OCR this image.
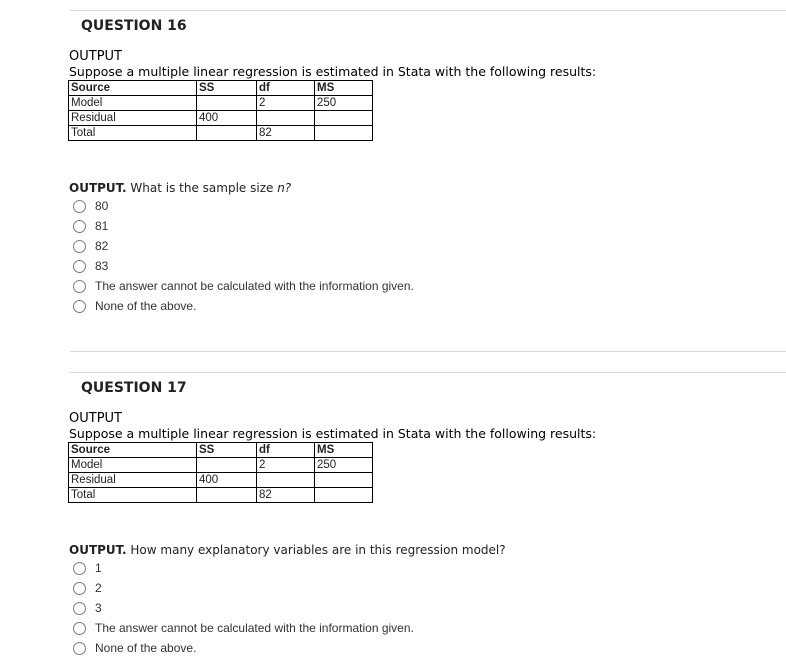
QUESTION 16
OUTPUT
Suppose a multiple linear regression is estimated in Stata with the following results:
Source	SS	df	MS
Model		2	250
Residual	400		
Total		82	
OUTPUT. What is the sample size n?
80
81
82
83
The answer cannot be calculated with the information given.
None of the above.
QUESTION 17
OUTPUT
Suppose a multiple linear regression is estimated in Stata with the following results:
Source	SS	df	MS
Model		2	250
Residual	400		
Total		82	
OUTPUT. How many explanatory variables are in this regression model?
1
2
3
The answer cannot be calculated with the information given.
None of the above.
